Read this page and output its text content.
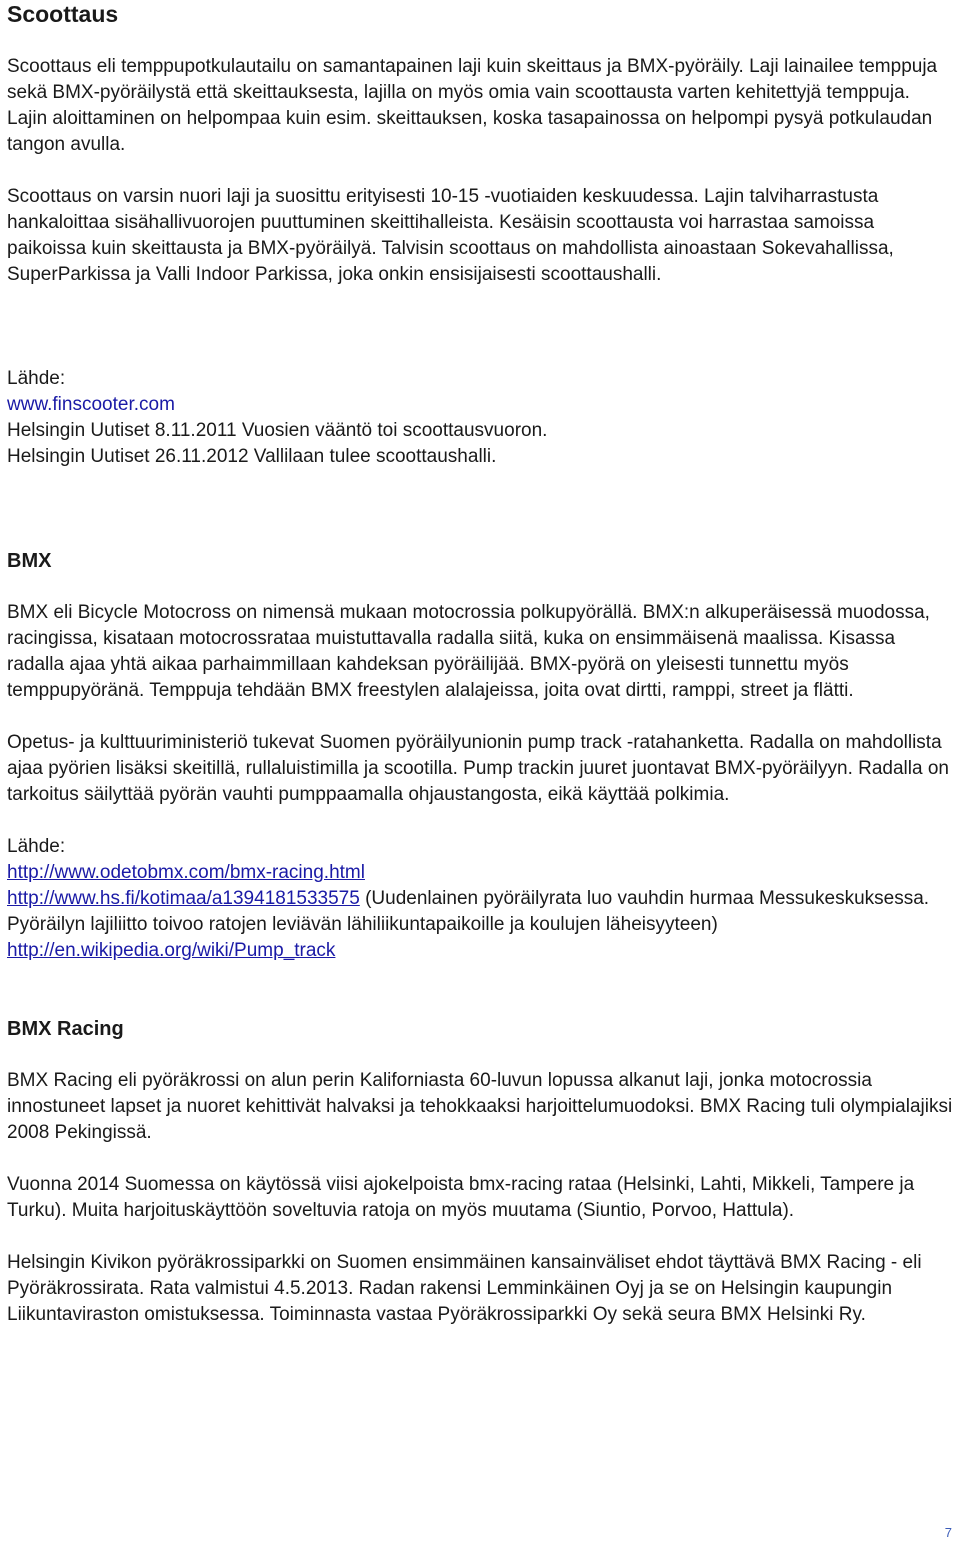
Scoottaus

Scoottaus eli temppupotkulautailu on samantapainen laji kuin skeittaus ja BMX-pyöräily. Laji lainailee temppuja sekä BMX-pyöräilystä että skeittauksesta, lajilla on myös omia vain scoottausta varten kehitettyjä temppuja. Lajin aloittaminen on helpompaa kuin esim. skeittauksen, koska tasapainossa on helpompi pysyä potkulaudan tangon avulla.

Scoottaus on varsin nuori laji ja suosittu erityisesti 10-15 -vuotiaiden keskuudessa. Lajin talviharrastusta hankaloittaa sisähallivuorojen puuttuminen skeittihalleista. Kesäisin scoottausta voi harrastaa samoissa paikoissa kuin skeittausta ja BMX-pyöräilyä. Talvisin scoottaus on mahdollista ainoastaan Sokevahallissa, SuperParkissa ja Valli Indoor Parkissa, joka onkin ensisijaisesti scoottaushalli.

Lähde:
www.finscooter.com
Helsingin Uutiset 8.11.2011 Vuosien vääntö toi scoottausvuoron.
Helsingin Uutiset 26.11.2012 Vallilaan tulee scoottaushalli.
BMX

BMX eli Bicycle Motocross on nimensä mukaan motocrossia polkupyörällä. BMX:n alkuperäisessä muodossa, racingissa, kisataan motocrossrataa muistuttavalla radalla siitä, kuka on ensimmäisenä maalissa. Kisassa radalla ajaa yhtä aikaa parhaimmillaan kahdeksan pyöräilijää. BMX-pyörä on yleisesti tunnettu myös temppupyöränä. Temppuja tehdään BMX freestylen alalajeissa, joita ovat dirtti, ramppi, street ja flätti.

Opetus- ja kulttuuriministeriö tukevat Suomen pyöräilyunionin pump track -ratahanketta. Radalla on mahdollista ajaa pyörien lisäksi skeitillä, rullaluistimilla ja scootilla. Pump trackin juuret juontavat BMX-pyöräilyyn. Radalla on tarkoitus säilyttää pyörän vauhti pumppaamalla ohjaustangosta, eikä käyttää polkimia.

Lähde:
http://www.odetobmx.com/bmx-racing.html

http://www.hs.fi/kotimaa/a1394181533575 (Uudenlainen pyöräilyrata luo vauhdin hurmaa Messukeskuksessa. Pyöräilyn lajiliitto toivoo ratojen leviävän lähiliikuntapaikoille ja koulujen läheisyyteen)

http://en.wikipedia.org/wiki/Pump_track
BMX Racing

BMX Racing eli pyöräkrossi on alun perin Kaliforniasta 60-luvun lopussa alkanut laji, jonka motocrossia innostuneet lapset ja nuoret kehittivät halvaksi ja tehokkaaksi harjoittelumuodoksi. BMX Racing tuli olympialajiksi 2008 Pekingissä.

Vuonna 2014 Suomessa on käytössä viisi ajokelpoista bmx-racing rataa (Helsinki, Lahti, Mikkeli, Tampere ja Turku). Muita harjoituskäyttöön soveltuvia ratoja on myös muutama (Siuntio, Porvoo, Hattula).

Helsingin Kivikon pyöräkrossiparkki on Suomen ensimmäinen kansainväliset ehdot täyttävä BMX Racing - eli Pyöräkrossirata. Rata valmistui 4.5.2013. Radan rakensi Lemminkäinen Oyj ja se on Helsingin kaupungin Liikuntaviraston omistuksessa. Toiminnasta vastaa Pyöräkrossiparkki Oy sekä seura BMX Helsinki Ry.

7
